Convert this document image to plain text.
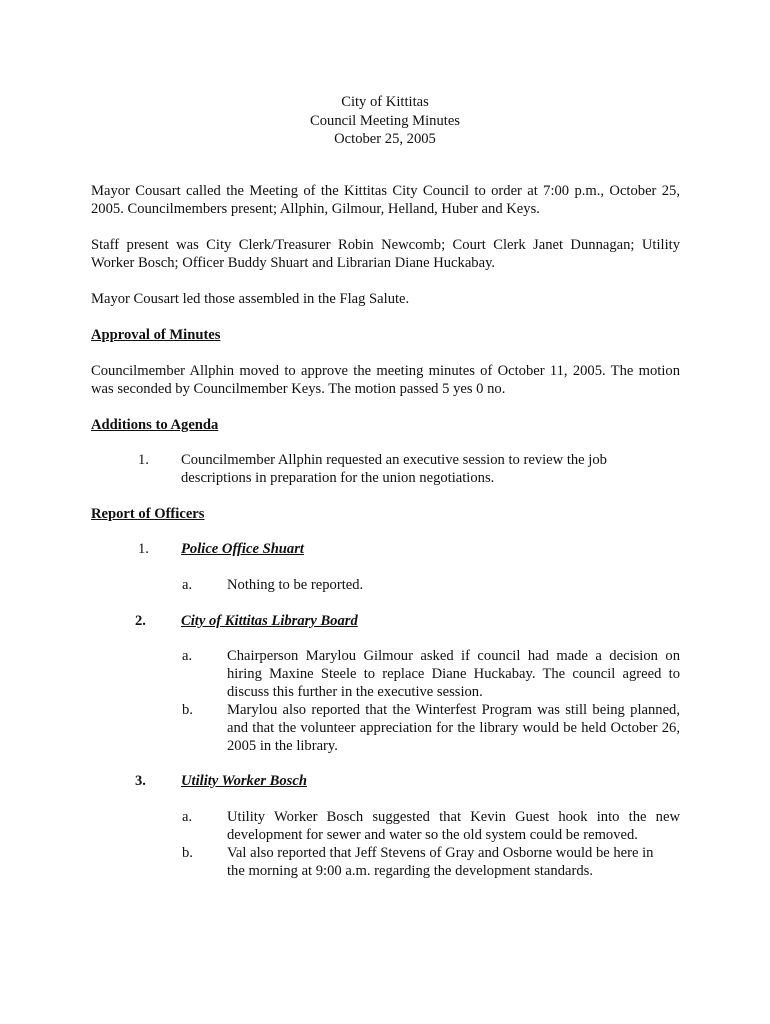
City of Kittitas
Council Meeting Minutes
October 25, 2005
Mayor Cousart called the Meeting of the Kittitas City Council to order at 7:00 p.m., October 25, 2005. Councilmembers present; Allphin, Gilmour, Helland, Huber and Keys.
Staff present was City Clerk/Treasurer Robin Newcomb; Court Clerk Janet Dunnagan; Utility Worker Bosch; Officer Buddy Shuart and Librarian Diane Huckabay.
Mayor Cousart led those assembled in the Flag Salute.
Approval of Minutes
Councilmember Allphin moved to approve the meeting minutes of October 11, 2005. The motion was seconded by Councilmember Keys. The motion passed 5 yes 0 no.
Additions to Agenda
1. Councilmember Allphin requested an executive session to review the job descriptions in preparation for the union negotiations.
Report of Officers
1. Police Office Shuart
a. Nothing to be reported.
2. City of Kittitas Library Board
a. Chairperson Marylou Gilmour asked if council had made a decision on hiring Maxine Steele to replace Diane Huckabay. The council agreed to discuss this further in the executive session.
b. Marylou also reported that the Winterfest Program was still being planned, and that the volunteer appreciation for the library would be held October 26, 2005 in the library.
3. Utility Worker Bosch
a. Utility Worker Bosch suggested that Kevin Guest hook into the new development for sewer and water so the old system could be removed.
b. Val also reported that Jeff Stevens of Gray and Osborne would be here in the morning at 9:00 a.m. regarding the development standards.
